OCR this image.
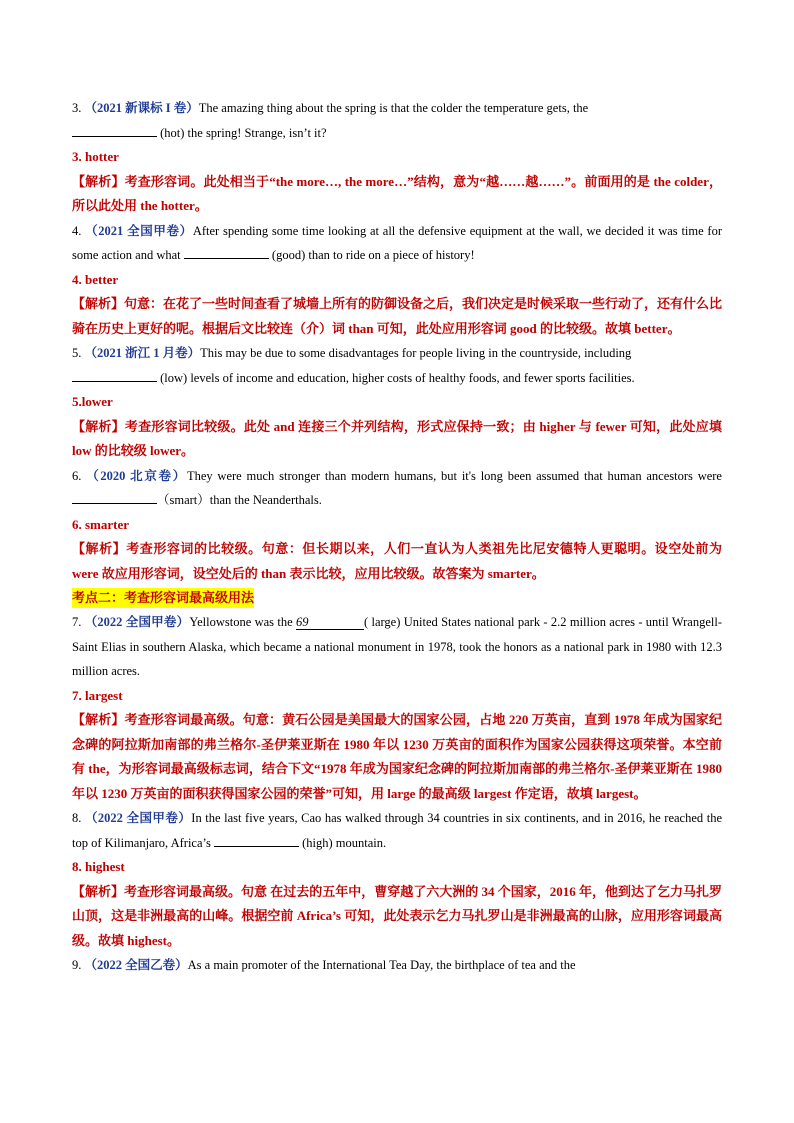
3. （2021 新课标 I 卷）The amazing thing about the spring is that the colder the temperature gets, the
(hot) the spring! Strange, isn’t it?

3. hotter
【解析】考查形容词。此处相当于“the more…, the more…”结构，意为“越……越……”。前面用的是 the colder，所以此处用 the hotter。

4. （2021 全国甲卷）After spending some time looking at all the defensive equipment at the wall, we decided it was time for some action and what	(good) than to ride on a piece of history!

4. better
【解析】句意：在花了一些时间查看了城墙上所有的防御设备之后，我们决定是时候采取一些行动了，还有什么比骑在历史上更好的呢。根据后文比较连（介）词 than 可知，此处应用形容词 good 的比较级。故填 better。

5. （2021 浙江 1 月卷）This may be due to some disadvantages for people living in the countryside, including
(low) levels of income and education, higher costs of healthy foods, and fewer sports facilities.

5.lower
【解析】考查形容词比较级。此处 and 连接三个并列结构，形式应保持一致；由 higher 与 fewer 可知，此处应填 low 的比较级 lower。

6. （2020 北京卷）They were much stronger than modern humans, but it's long been assumed that human ancestors were（smart）than the Neanderthals.

6. smarter
【解析】考查形容词的比较级。句意：但长期以来，人们一直认为人类祖先比尼安德特人更聪明。设空处前为 were 故应用形容词，设空处后的 than 表示比较，应用比较级。故答案为 smarter。
考点二：考查形容词最高级用法

7. （2022 全国甲卷）Yellowstone was the 69	( large) United States national park - 2.2 million acres - until Wrangell-Saint Elias in southern Alaska, which became a national monument in 1978, took the honors as a national park in 1980 with 12.3 million acres.

7. largest
【解析】考查形容词最高级。句意：黄石公园是美国最大的国家公园，占地 220 万英亩，直到 1978 年成为国家纪念碑的阿拉斯加南部的弗兰格尔-圣伊莱亚斯在 1980 年以 1230 万英亩的面积作为国家公园获得这项荣誉。本空前有 the，为形容词最高级标志词，结合下文“1978 年成为国家纪念碑的阿拉斯加南部的弗兰格尔-圣伊莱亚斯在 1980 年以 1230 万英亩的面积获得国家公园的荣誉”可知，用 large 的最高级 largest 作定语，故填 largest。

8. （2022 全国甲卷）In the last five years, Cao has walked through 34 countries in six continents, and in 2016, he reached the top of Kilimanjaro, Africa’s	(high) mountain.

8. highest
【解析】考查形容词最高级。句意 在过去的五年中，曹穿越了六大洲的 34 个国家，2016 年，他到达了乞力马扎罗山顶，这是非洲最高的山峰。根据空前 Africa’s 可知，此处表示乞力马扎罗山是非洲最高的山脉，应用形容词最高级。故填 highest。

9. （2022 全国乙卷）As a main promoter of the International Tea Day, the birthplace of tea and the
